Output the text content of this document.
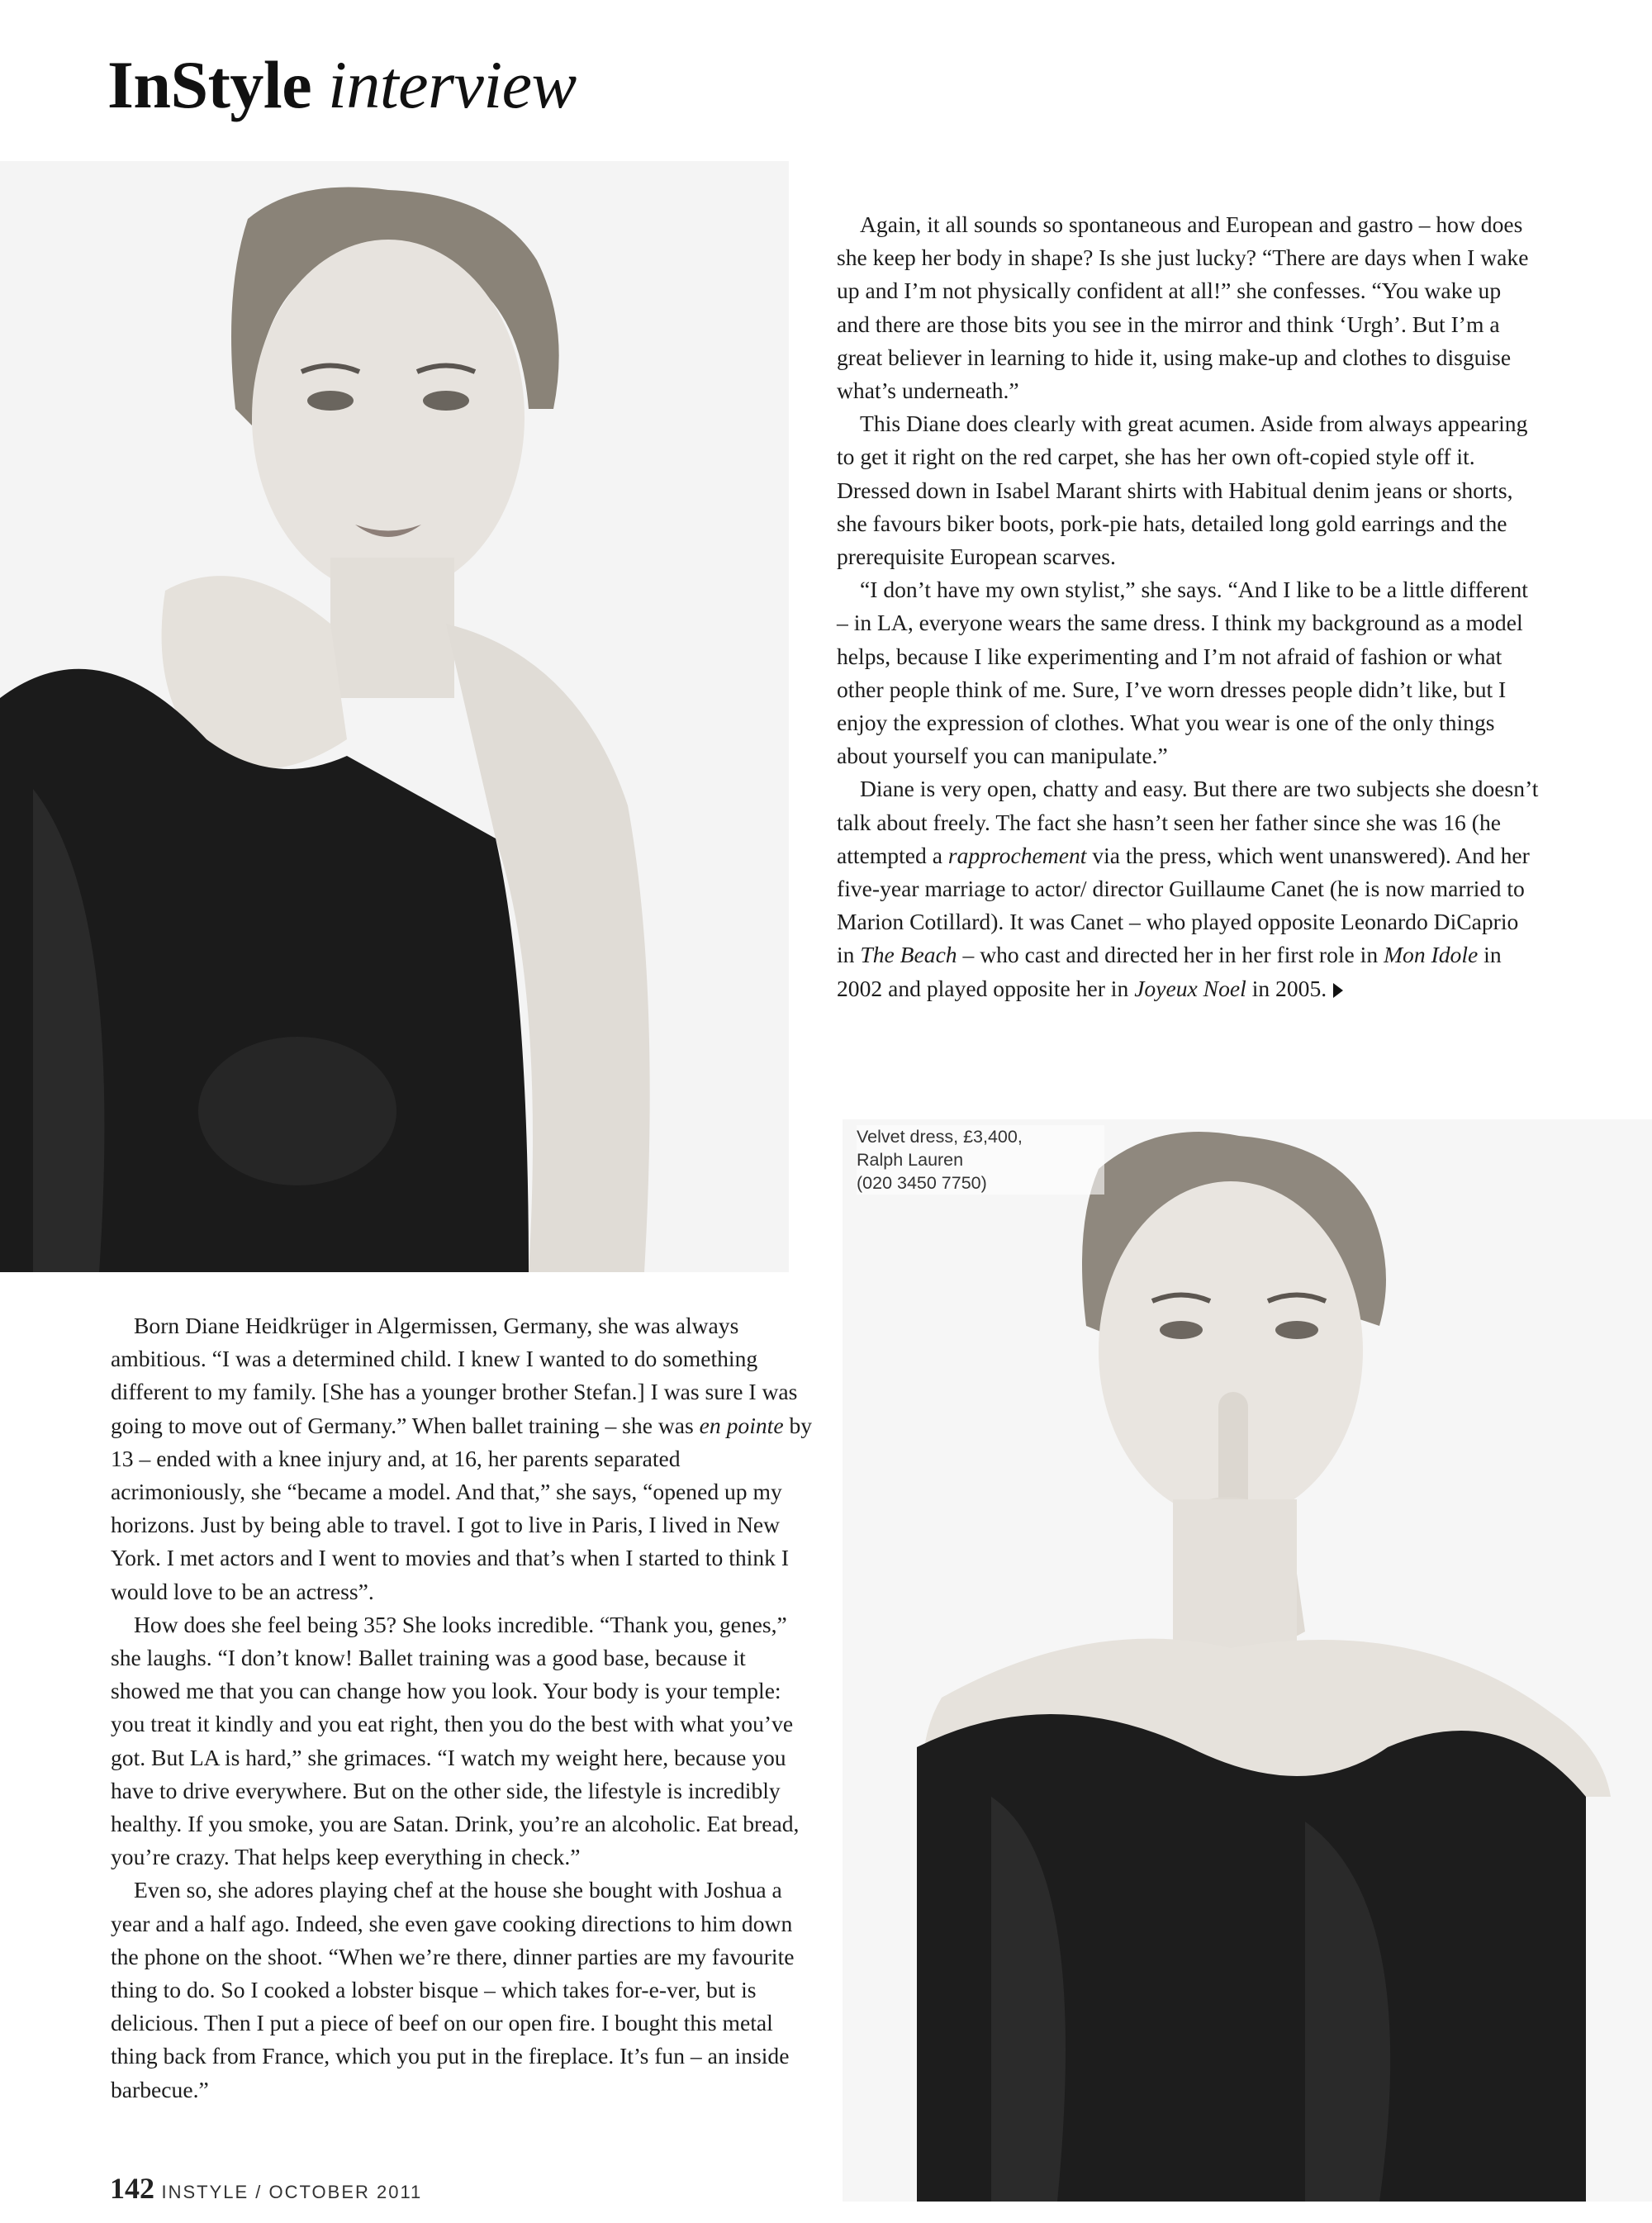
InStyle interview

Again, it all sounds so spontaneous and European and gastro – how does she keep her body in shape? Is she just lucky? “There are days when I wake up and I’m not physically confident at all!” she confesses. “You wake up and there are those bits you see in the mirror and think ‘Urgh’. But I’m a great believer in learning to hide it, using make-up and clothes to disguise what’s underneath.”

This Diane does clearly with great acumen. Aside from always appearing to get it right on the red carpet, she has her own oft-copied style off it. Dressed down in Isabel Marant shirts with Habitual denim jeans or shorts, she favours biker boots, pork-pie hats, detailed long gold earrings and the prerequisite European scarves.

“I don’t have my own stylist,” she says. “And I like to be a little different – in LA, everyone wears the same dress. I think my background as a model helps, because I like experimenting and I’m not afraid of fashion or what other people think of me. Sure, I’ve worn dresses people didn’t like, but I enjoy the expression of clothes. What you wear is one of the only things about yourself you can manipulate.”

Diane is very open, chatty and easy. But there are two subjects she doesn’t talk about freely. The fact she hasn’t seen her father since she was 16 (he attempted a rapprochement via the press, which went unanswered). And her five-year marriage to actor/ director Guillaume Canet (he is now married to Marion Cotillard). It was Canet – who played opposite Leonardo DiCaprio in The Beach – who cast and directed her in her first role in Mon Idole in 2002 and played opposite her in Joyeux Noel in 2005.

Velvet dress, £3,400,
Ralph Lauren
(020 3450 7750)

Born Diane Heidkrüger in Algermissen, Germany, she was always ambitious. “I was a determined child. I knew I wanted to do something different to my family. [She has a younger brother Stefan.] I was sure I was going to move out of Germany.” When ballet training – she was en pointe by 13 – ended with a knee injury and, at 16, her parents separated acrimoniously, she “became a model. And that,” she says, “opened up my horizons. Just by being able to travel. I got to live in Paris, I lived in New York. I met actors and I went to movies and that’s when I started to think I would love to be an actress”.

How does she feel being 35? She looks incredible. “Thank you, genes,” she laughs. “I don’t know! Ballet training was a good base, because it showed me that you can change how you look. Your body is your temple: you treat it kindly and you eat right, then you do the best with what you’ve got. But LA is hard,” she grimaces. “I watch my weight here, because you have to drive everywhere. But on the other side, the lifestyle is incredibly healthy. If you smoke, you are Satan. Drink, you’re an alcoholic. Eat bread, you’re crazy. That helps keep everything in check.”

Even so, she adores playing chef at the house she bought with Joshua a year and a half ago. Indeed, she even gave cooking directions to him down the phone on the shoot. “When we’re there, dinner parties are my favourite thing to do. So I cooked a lobster bisque – which takes for-e-ver, but is delicious. Then I put a piece of beef on our open fire. I bought this metal thing back from France, which you put in the fireplace. It’s fun – an inside barbecue.”

142 INSTYLE / OCTOBER 2011
